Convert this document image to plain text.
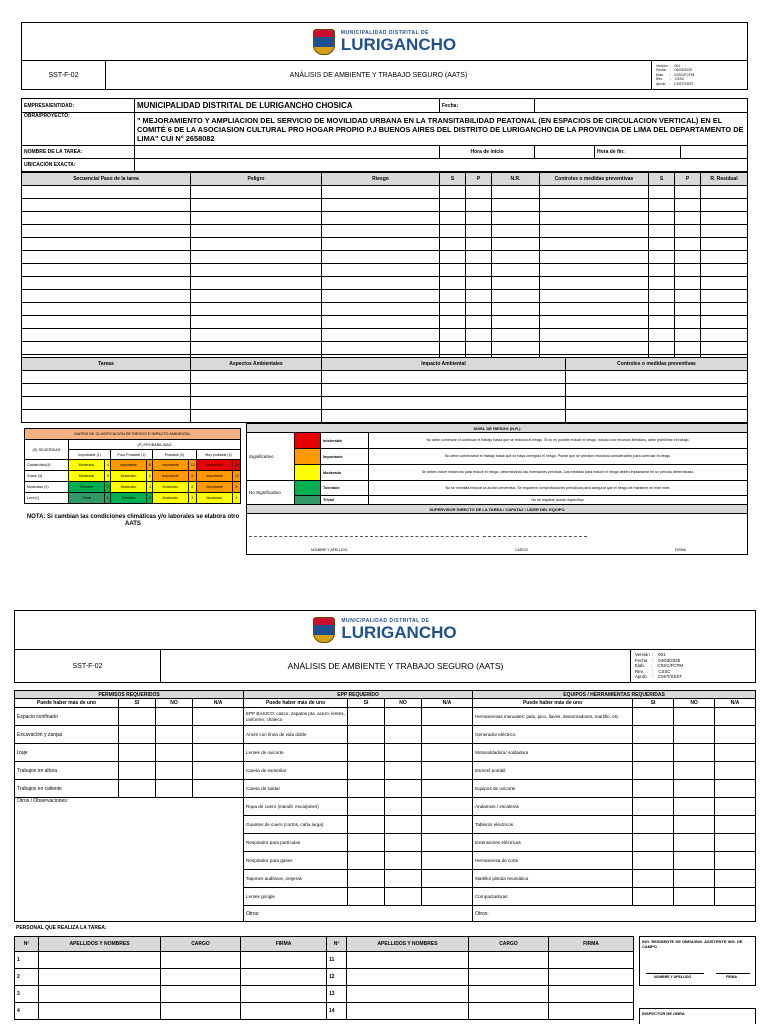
MUNICIPALIDAD DISTRITAL DE
LURIGANCHO
SST-F-02	ANÁLISIS DE AMBIENTE Y TRABAJO SEGURO (AATS)	
Versión  :    001
Fecha    :    04/03/2025
Elab.     :    CSSC/FCPM
Rev.       :    CSSC
Aprob.   :    CSST/SSST
EMPRESA/ENTIDAD:	MUNICIPALIDAD DISTRITAL DE LURIGANCHO CHOSICA	Fecha:	
OBRA/PROYECTO:	" MEJORAMIENTO Y AMPLIACION DEL SERVICIO DE MOVILIDAD URBANA EN LA TRANSITABILIDAD PEATONAL (EN ESPACIOS DE CIRCULACION VERTICAL) EN EL COMITÉ 6 DE LA ASOCIASION CULTURAL PRO HOGAR PROPIO P.J BUENOS AIRES DEL DISTRITO DE LURIGANCHO DE LA PROVINCIA DE LIMA DEL DEPARTAMENTO DE LIMA" CUI N° 2658082		
NOMBRE DE LA TAREA:		Hora de inicio		Hora de fin:	
UBICACIÓN EXACTA:					
Secuencia/ Paso de la tarea	Peligro	Riesgo	S	P	N.R.	Controles o medidas preventivas	S	P	R. Residual

Tareas	Aspectos Ambientales	Impacto Ambiental	Controles o medidas preventivas

MATRIZ DE CLASIFICACIÓN DE RIESGO E IMPACTO AMBIENTAL								
(S) SEVERIDAD	(P) PROBABILIDAD							
	Improbable (1)		Poco Probable (2)		Probable (3)		Muy probable (4)	
Catastrófico(4)	Moderado	4	Importante	8	Importante	12	Intolerable	16
Grave (3)	Moderado	3	Moderado	6	Importante	9	Importante	12
Moderado (2)	Tolerable	2	Moderado	4	Moderado	6	Importante	8
Leve(1)	Trivial	1	Tolerable	2	Moderado	3	Moderado	4
NOTA: Si cambian las condiciones climáticas y/o laborales se elabora otro AATS
NIVEL DE RIESGO (N.R.)			
Significativo		Intolerable	No debe comenzar ni continuar el trabajo hasta que se reduzca el riesgo. Si no es posible reducir el riesgo, incluso con recursos limitados, debe prohibirse el trabajo.
		Importante	No debe comenzarse el trabajo hasta que se haya corregido el riesgo. Puede que se precisen recursos considerables para controlar el riesgo.
		Moderado	Se deben hacer esfuerzos para reducir el riesgo, determinando las inversiones precisas. Las medidas para reducir el riesgo deben implantarse en un periodo determinado.
No Significativo		Tolerable	No se necesita mejorar la acción preventiva. Se requieren comprobaciones periódicas para asegurar que el riesgo de mantiene en este nivel.
		Trivial	No se requiere acción específica.
SUPERVISOR DIRECTO DE LA TAREA / CAPATAZ / LÍDER DEL EQUIPO			

NOMBRE Y APELLIDO CARGO FIRMA			
MUNICIPALIDAD DISTRITAL DE
LURIGANCHO
SST-F-02	ANÁLISIS DE AMBIENTE Y TRABAJO SEGURO (AATS)	
Versión  :    001
Fecha    :    04/03/2025
Elab.     :    CSSC/FCPM
Rev.       :    CSSC
Aprob.   :    CSST/SSST
PERMISOS REQUERIDOS				EPP REQUERIDO				EQUIPOS / HERRAMIENTAS REQUERIDAS			
Puede haber más de uno	SI	NO	N/A	Puede haber más de uno	SI	NO	N/A	Puede haber más de uno	SI	NO	N/A
Espacio confinado				EPP BÁSICO: casco, zapatos pta. acero, lentes, uniforme, chaleco				Herramientas manuales: pala, pico, llaves, desarmadores, martillo, etc.			
Excavación y zanjas				Arnés con línea de vida doble				Generador eléctrico			
Izaje				Lentes de oxicorte				Motosoldadora/ soldadora			
Trabajos en altura				Careta de esmerilar				Esmeril portátil			
Trabajos en caliente				Careta de soldar				Equipos de oxicorte			
Otros / Observaciones:				Ropa de cuero (mandil, escarpines)				Andamios / escaleras			
				Guantes de cuero (cortos, caña larga)				Tableros eléctricos			
				Respirador para partículas				Extensiones eléctricas			
				Respirador para gases				Herramienta de corte			
				Tapones auditivos, orejeras				Martillo/ pistola neumática			
				Lentes google				Compactadoras			
				Otros:				Otros:			
PERSONAL QUE REALIZA LA TAREA:
Nº	APELLIDOS Y NOMBRES	CARGO	FIRMA	Nº	APELLIDOS Y NOMBRES	CARGO	FIRMA
1				11			
2				12			
3				13			
4				14			
ING. RESIDENTE DE OBRA/ING. ASISTENTE ING. DE CAMPO
NOMBRE Y APELLIDO	FIRMA
INSPECTOR DE OBRA
